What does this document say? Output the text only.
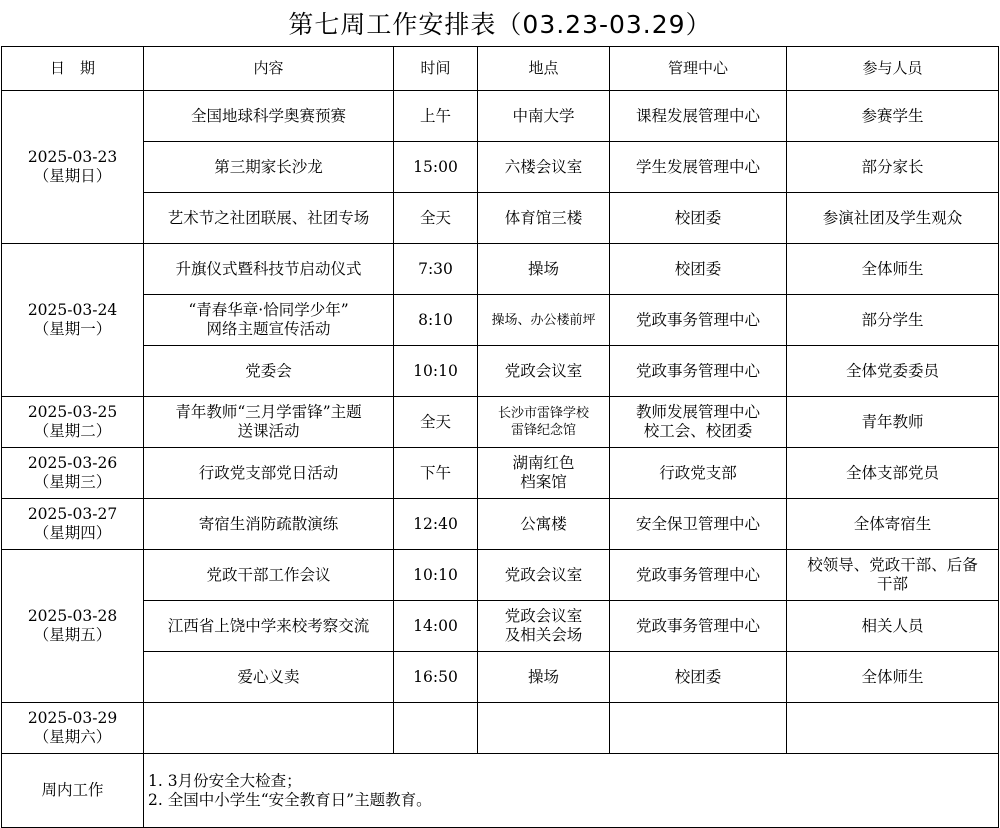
第七周工作安排表（03.23-03.29）
日　期	内容	时间	地点	管理中心	参与人员

2025-03-23
（星期日）	全国地球科学奥赛预赛	上午	中南大学	课程发展管理中心	参赛学生

	第三期家长沙龙	15:00	六楼会议室	学生发展管理中心	部分家长

	艺术节之社团联展、社团专场	全天	体育馆三楼	校团委	参演社团及学生观众

2025-03-24
（星期一）	升旗仪式暨科技节启动仪式	7:30	操场	校团委	全体师生

	“青春华章·恰同学少年”
网络主题宣传活动	8:10	操场、办公楼前坪	党政事务管理中心	部分学生

	党委会	10:10	党政会议室	党政事务管理中心	全体党委委员

2025-03-25
（星期二）	青年教师“三月学雷锋”主题
送课活动	全天	长沙市雷锋学校
雷锋纪念馆	教师发展管理中心
校工会、校团委	青年教师

2025-03-26
（星期三）	行政党支部党日活动	下午	湖南红色
档案馆	行政党支部	全体支部党员

2025-03-27
（星期四）	寄宿生消防疏散演练	12:40	公寓楼	安全保卫管理中心	全体寄宿生

2025-03-28
（星期五）	党政干部工作会议	10:10	党政会议室	党政事务管理中心	校领导、党政干部、后备
干部

	江西省上饶中学来校考察交流	14:00	党政会议室
及相关会场	党政事务管理中心	相关人员

	爱心义卖	16:50	操场	校团委	全体师生

2025-03-29
（星期六）					

周内工作	1. 3月份安全大检查；
2. 全国中小学生“安全教育日”主题教育。				
